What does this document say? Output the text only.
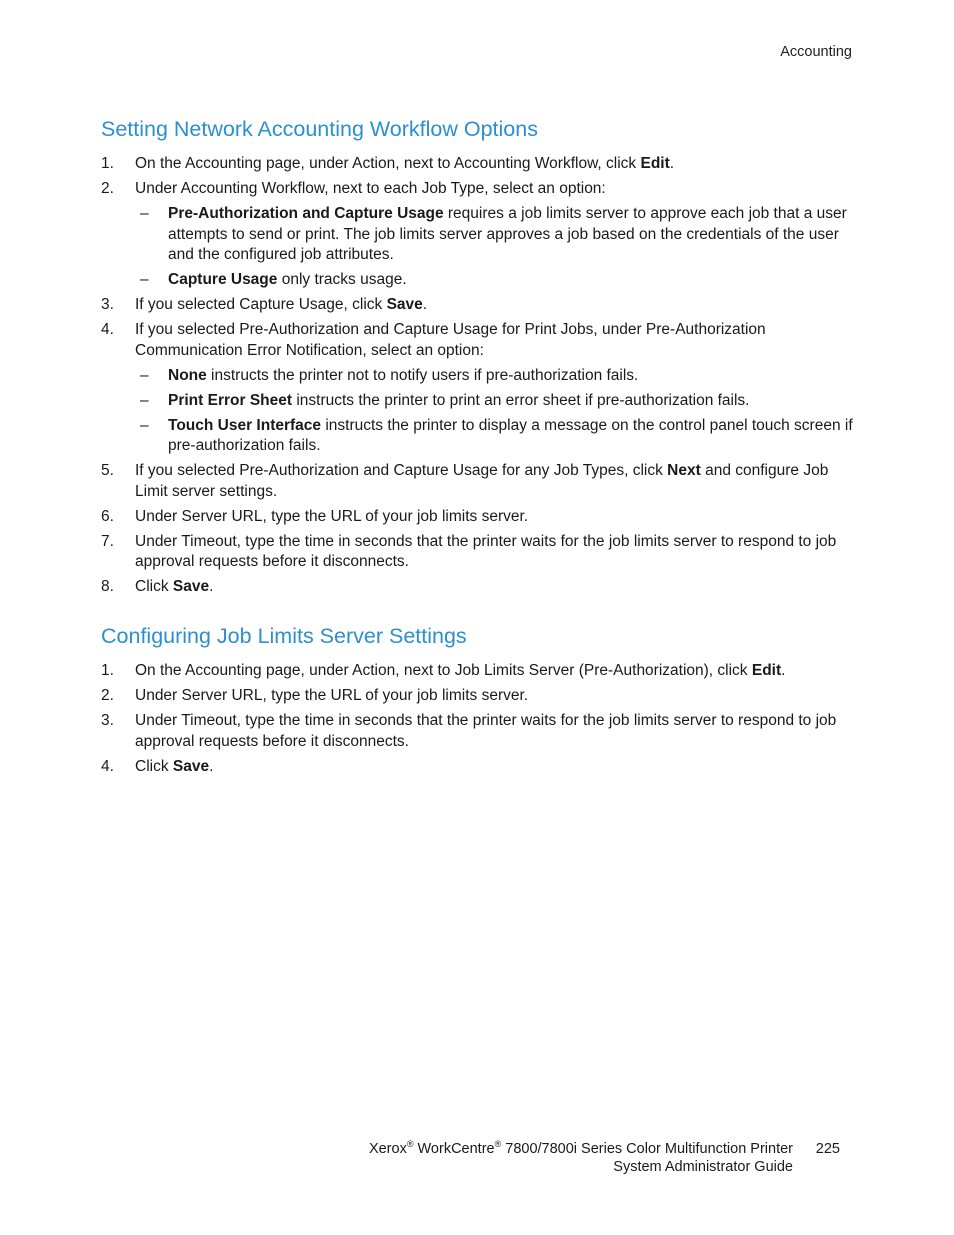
Accounting
Setting Network Accounting Workflow Options
1. On the Accounting page, under Action, next to Accounting Workflow, click Edit.
2. Under Accounting Workflow, next to each Job Type, select an option:
– Pre-Authorization and Capture Usage requires a job limits server to approve each job that a user attempts to send or print. The job limits server approves a job based on the credentials of the user and the configured job attributes.
– Capture Usage only tracks usage.
3. If you selected Capture Usage, click Save.
4. If you selected Pre-Authorization and Capture Usage for Print Jobs, under Pre-Authorization Communication Error Notification, select an option:
– None instructs the printer not to notify users if pre-authorization fails.
– Print Error Sheet instructs the printer to print an error sheet if pre-authorization fails.
– Touch User Interface instructs the printer to display a message on the control panel touch screen if pre-authorization fails.
5. If you selected Pre-Authorization and Capture Usage for any Job Types, click Next and configure Job Limit server settings.
6. Under Server URL, type the URL of your job limits server.
7. Under Timeout, type the time in seconds that the printer waits for the job limits server to respond to job approval requests before it disconnects.
8. Click Save.
Configuring Job Limits Server Settings
1. On the Accounting page, under Action, next to Job Limits Server (Pre-Authorization), click Edit.
2. Under Server URL, type the URL of your job limits server.
3. Under Timeout, type the time in seconds that the printer waits for the job limits server to respond to job approval requests before it disconnects.
4. Click Save.
Xerox® WorkCentre® 7800/7800i Series Color Multifunction Printer
System Administrator Guide
225
